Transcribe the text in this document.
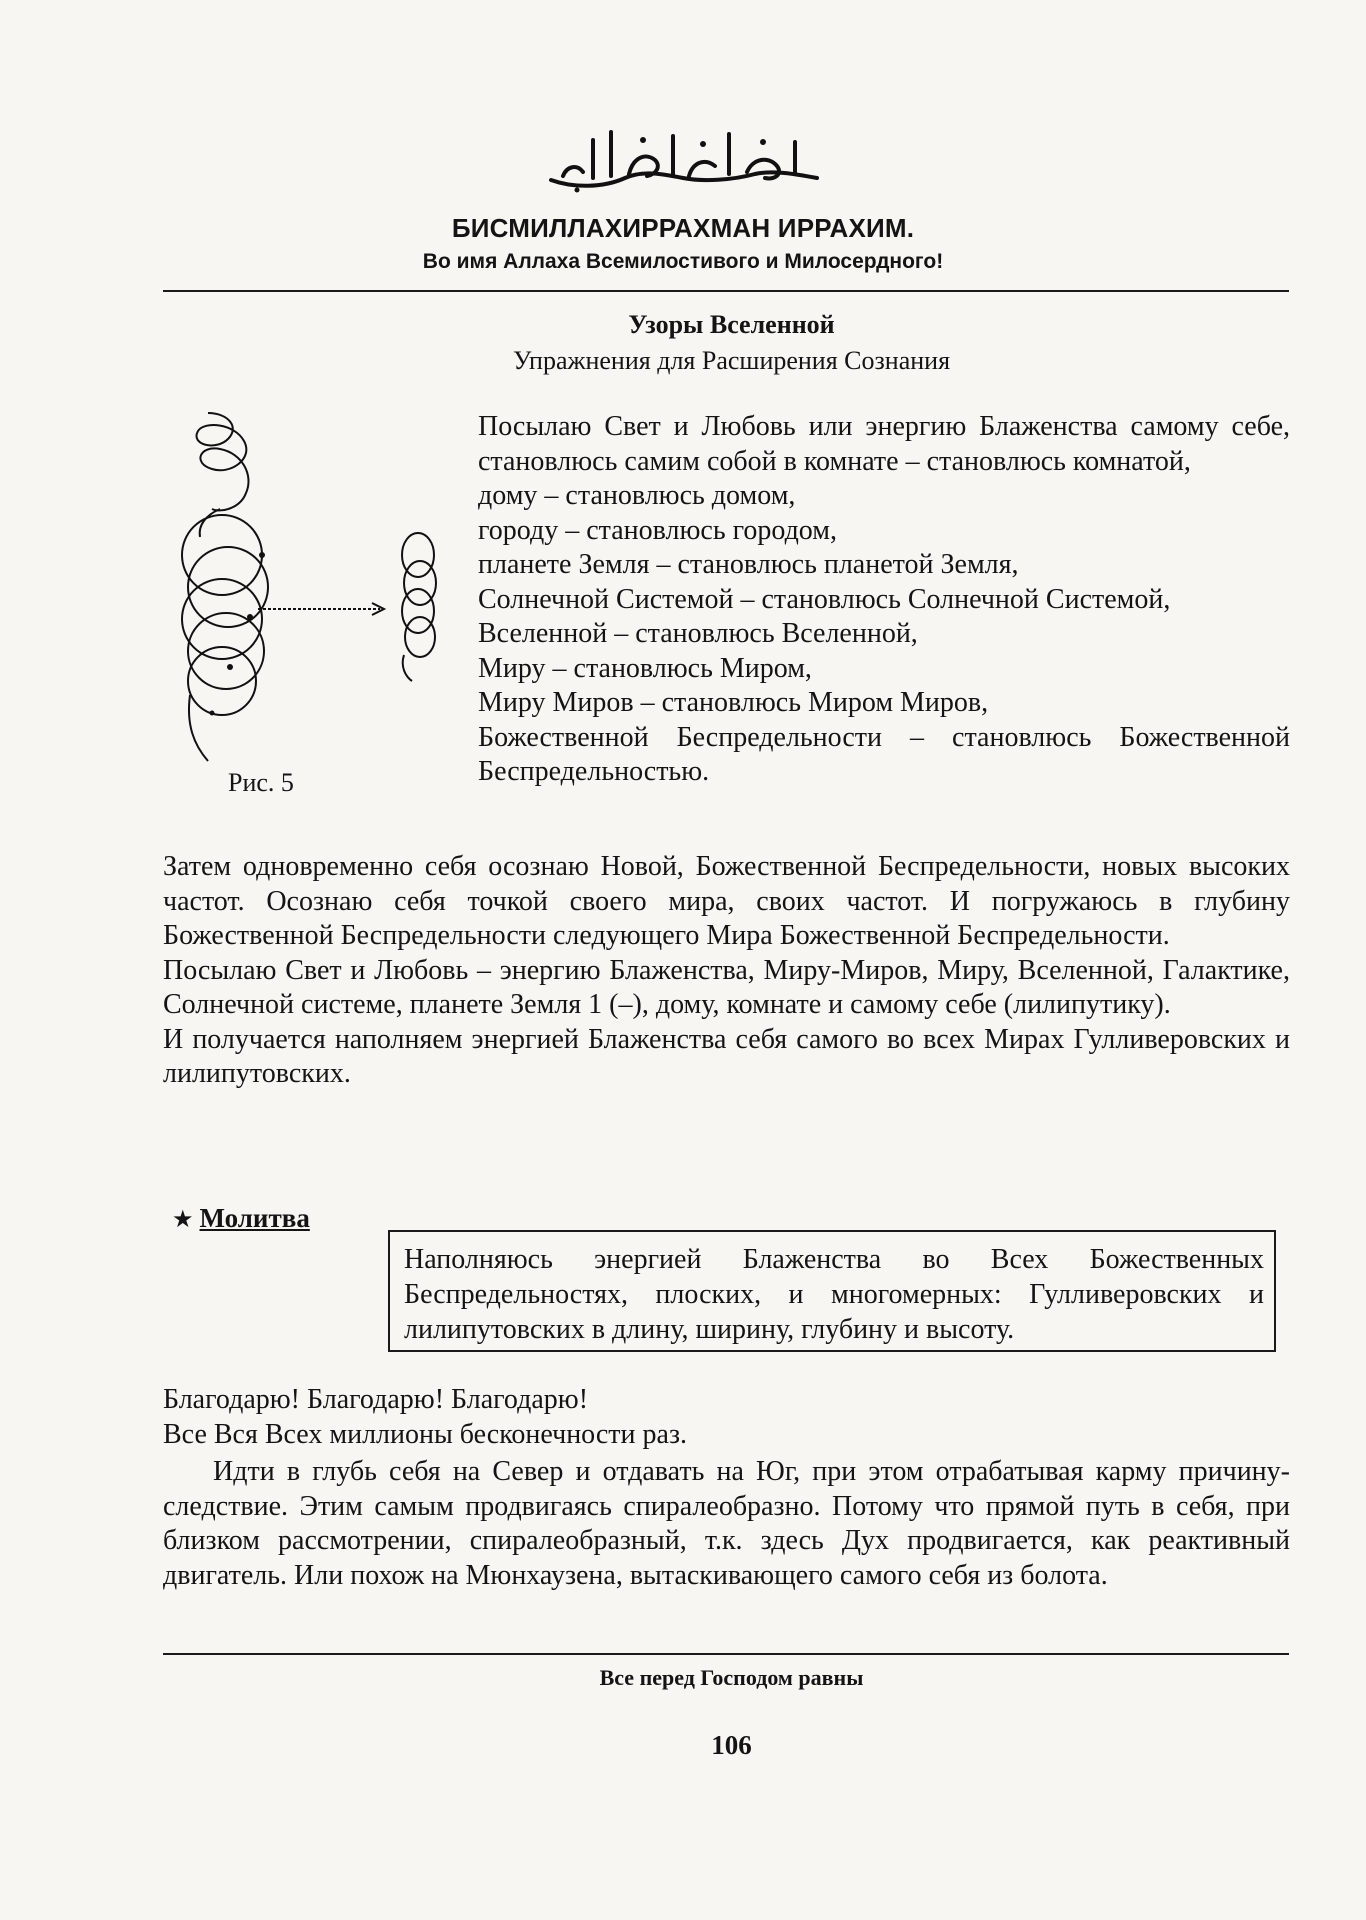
БИСМИЛЛАХИРРАХМАН ИРРАХИМ.
Во имя Аллаха Всемилостивого и Милосердного!
Узоры Вселенной
Упражнения для Расширения Сознания
Рис. 5

Посылаю Свет и Любовь или энергию Блаженства самому себе, становлюсь самим собой в комнате – становлюсь комнатой,

дому – становлюсь домом,

городу – становлюсь городом,

планете Земля – становлюсь планетой Земля,

Солнечной Системой – становлюсь Солнечной Системой,

Вселенной – становлюсь Вселенной,

Миру – становлюсь Миром,

Миру Миров – становлюсь Миром Миров,

Божественной Беспредельности – становлюсь Божественной Беспредельностью.

Затем одновременно себя осознаю Новой, Божественной Беспредельности, новых высоких частот. Осознаю себя точкой своего мира, своих частот. И погружаюсь в глубину Божественной Беспредельности следующего Мира Божественной Беспредельности.

Посылаю Свет и Любовь – энергию Блаженства, Миру-Миров, Миру, Вселенной, Галактике, Солнечной системе, планете Земля 1 (–), дому, комнате и самому себе (лилипутику).

И получается наполняем энергией Блаженства себя самого во всех Мирах Гулливеровских и лилипутовских.

★ Молитва

Наполняюсь энергией Блаженства во Всех Божественных Беспредельностях, плоских, и многомерных: Гулливеровских и лилипутовских в длину, ширину, глубину и высоту.

Благодарю! Благодарю! Благодарю!

Все Вся Всех миллионы бесконечности раз.

Идти в глубь себя на Север и отдавать на Юг, при этом отрабатывая карму причину-следствие. Этим самым продвигаясь спиралеобразно. Потому что прямой путь в себя, при близком рассмотрении, спиралеобразный, т.к. здесь Дух продвигается, как реактивный двигатель. Или похож на Мюнхаузена, вытаскивающего самого себя из болота.

Все перед Господом равны
106
